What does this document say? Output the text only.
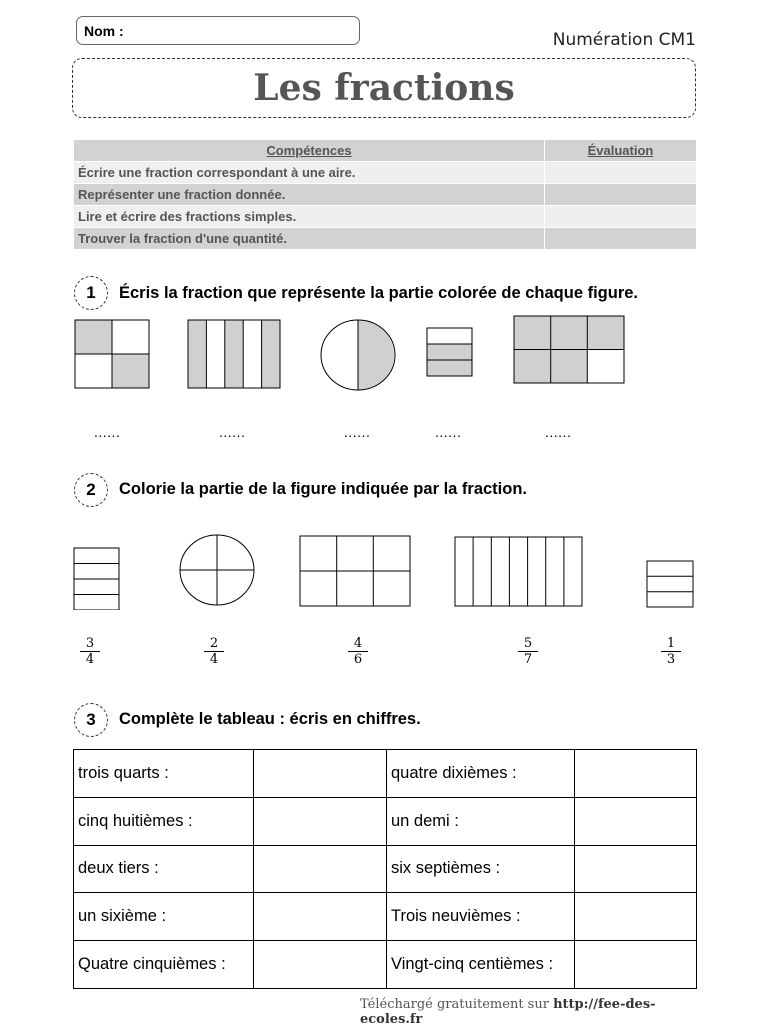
Nom :	Numération CM1
Les fractions
Compétences	Évaluation
Écrire une fraction correspondant à une aire.	
Représenter une fraction donnée.	
Lire et écrire des fractions simples.	
Trouver la fraction d'une quantité.	
1	Écris la fraction que représente la partie colorée de chaque figure.
......	......	......	......	......
2	Colorie la partie de la figure indiquée par la fraction.
$\frac{3}{4}$	$\frac{2}{4}$	$\frac{4}{6}$	$\frac{5}{7}$	$\frac{1}{3}$
3	Complète le tableau : écris en chiffres.
trois quarts :		quatre dixièmes :	
cinq huitièmes :		un demi :	
deux tiers :		six septièmes :	
un sixième :		Trois neuvièmes :	
Quatre cinquièmes :		Vingt-cinq centièmes :	
Téléchargé gratuitement sur http://fee-des-ecoles.fr
